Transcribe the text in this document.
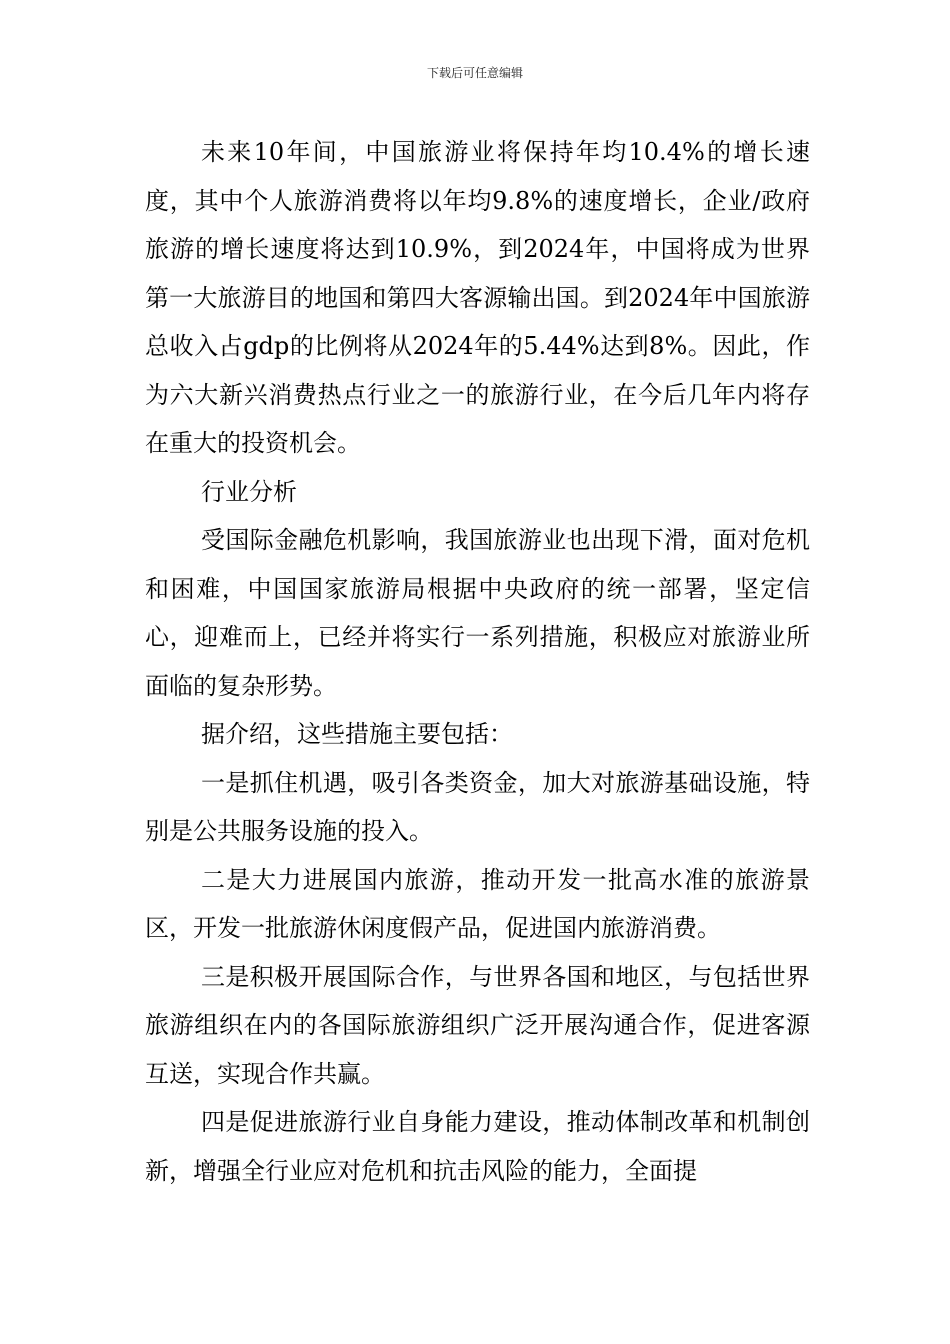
下载后可任意编辑

未来10年间，中国旅游业将保持年均10.4%的增长速度，其中个人旅游消费将以年均9.8%的速度增长，企业/政府旅游的增长速度将达到10.9%，到2024年，中国将成为世界第一大旅游目的地国和第四大客源输出国。到2024年中国旅游总收入占gdp的比例将从2024年的5.44%达到8%。因此，作为六大新兴消费热点行业之一的旅游行业，在今后几年内将存在重大的投资机会。

行业分析

受国际金融危机影响，我国旅游业也出现下滑，面对危机和困难，中国国家旅游局根据中央政府的统一部署，坚定信心，迎难而上，已经并将实行一系列措施，积极应对旅游业所面临的复杂形势。

据介绍，这些措施主要包括：

一是抓住机遇，吸引各类资金，加大对旅游基础设施，特别是公共服务设施的投入。

二是大力进展国内旅游，推动开发一批高水准的旅游景区，开发一批旅游休闲度假产品，促进国内旅游消费。

三是积极开展国际合作，与世界各国和地区，与包括世界旅游组织在内的各国际旅游组织广泛开展沟通合作，促进客源互送，实现合作共赢。

四是促进旅游行业自身能力建设，推动体制改革和机制创新，增强全行业应对危机和抗击风险的能力，全面提
